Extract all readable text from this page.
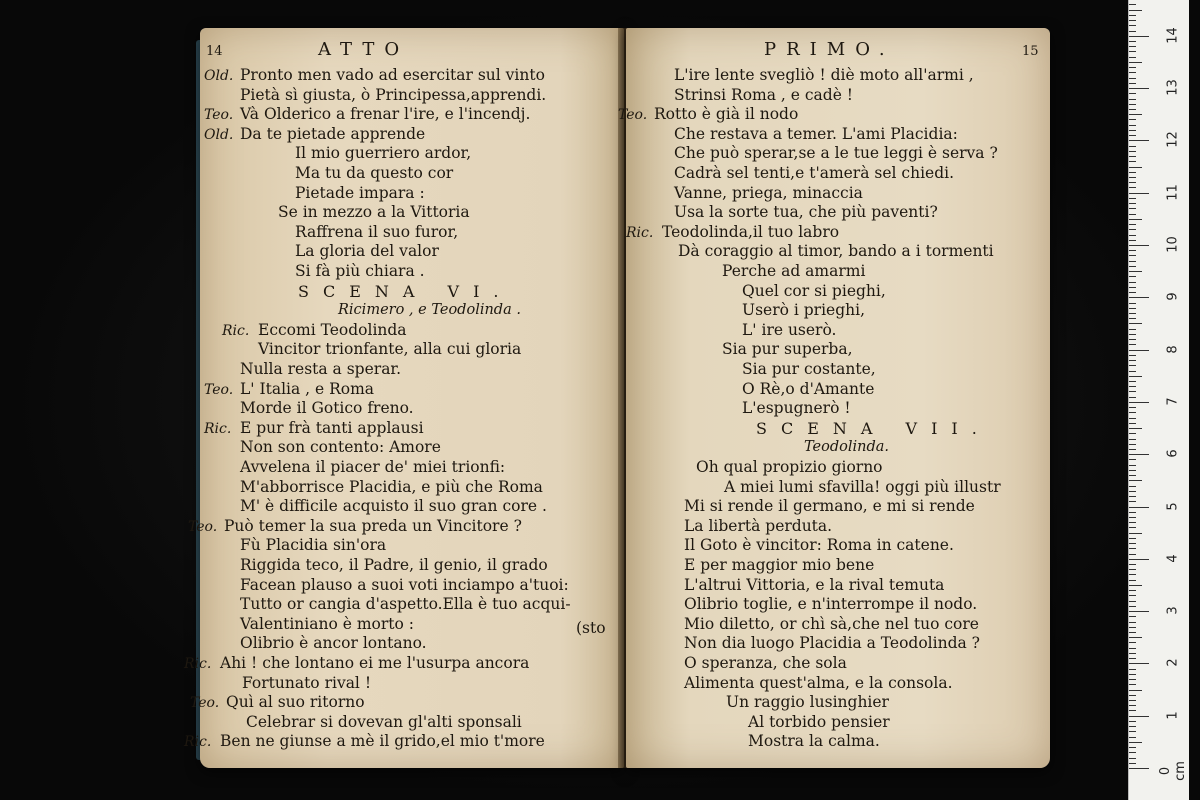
14	ATTO
Old. Pronto men vado ad esercitar sul vinto
Pietà sì giusta, ò Principessa,apprendi.
Teo. Và Olderico a frenar l'ire, e l'incendj.
Old. Da te pietade apprende
Il mio guerriero ardor,
Ma tu da questo cor
Pietade impara :
Se in mezzo a la Vittoria
Raffrena il suo furor,
La gloria del valor
Si fà più chiara .
SCENA VI.
Ricimero , e Teodolinda .
Ric. Eccomi Teodolinda
Vincitor trionfante, alla cui gloria
Nulla resta a sperar.
Teo. L' Italia , e Roma
Morde il Gotico freno.
Ric. E pur frà tanti applausi
Non son contento: Amore
Avvelena il piacer de' miei trionfi:
M'abborrisce Placidia, e più che Roma
M' è difficile acquisto il suo gran core .
Teo. Può temer la sua preda un Vincitore ?
Fù Placidia sin'ora
Riggida teco, il Padre, il genio, il grado
Facean plauso a suoi voti inciampo a'tuoi:
Tutto or cangia d'aspetto.Ella è tuo acqui-
Valentiniano è morto :
Olibrio è ancor lontano.
Ric. Ahi ! che lontano ei me l'usurpa ancora
Fortunato rival !
Teo. Quì al suo ritorno
Celebrar si dovevan gl'alti sponsali
Ric. Ben ne giunse a mè il grido,el mio t'more
(sto
PRIMO.	15
L'ire lente svegliò ! diè moto all'armi ,
Strinsi Roma , e cadè !
Teo. Rotto è già il nodo
Che restava a temer. L'ami Placidia:
Che può sperar,se a le tue leggi è serva ?
Cadrà sel tenti,e t'amerà sel chiedi.
Vanne, priega, minaccia
Usa la sorte tua, che più paventi?
Ric. Teodolinda,il tuo labro
Dà coraggio al timor, bando a i tormenti
Perche ad amarmi
Quel cor si pieghi,
Userò i prieghi,
L' ire userò.
Sia pur superba,
Sia pur costante,
O Rè,o d'Amante
L'espugnerò !
SCENA VII.
Teodolinda.
Oh qual propizio giorno
A miei lumi sfavilla! oggi più illustr
Mi si rende il germano, e mi si rende
La libertà perduta.
Il Goto è vincitor: Roma in catene.
E per maggior mio bene
L'altrui Vittoria, e la rival temuta
Olibrio toglie, e n'interrompe il nodo.
Mio diletto, or chì sà,che nel tuo core
Non dia luogo Placidia a Teodolinda ?
O speranza, che sola
Alimenta quest'alma, e la consola.
Un raggio lusinghier
Al torbido pensier
Mostra la calma.
0 cm
1
2
3
4
5
6
7
8
9
10
11
12
13
14
